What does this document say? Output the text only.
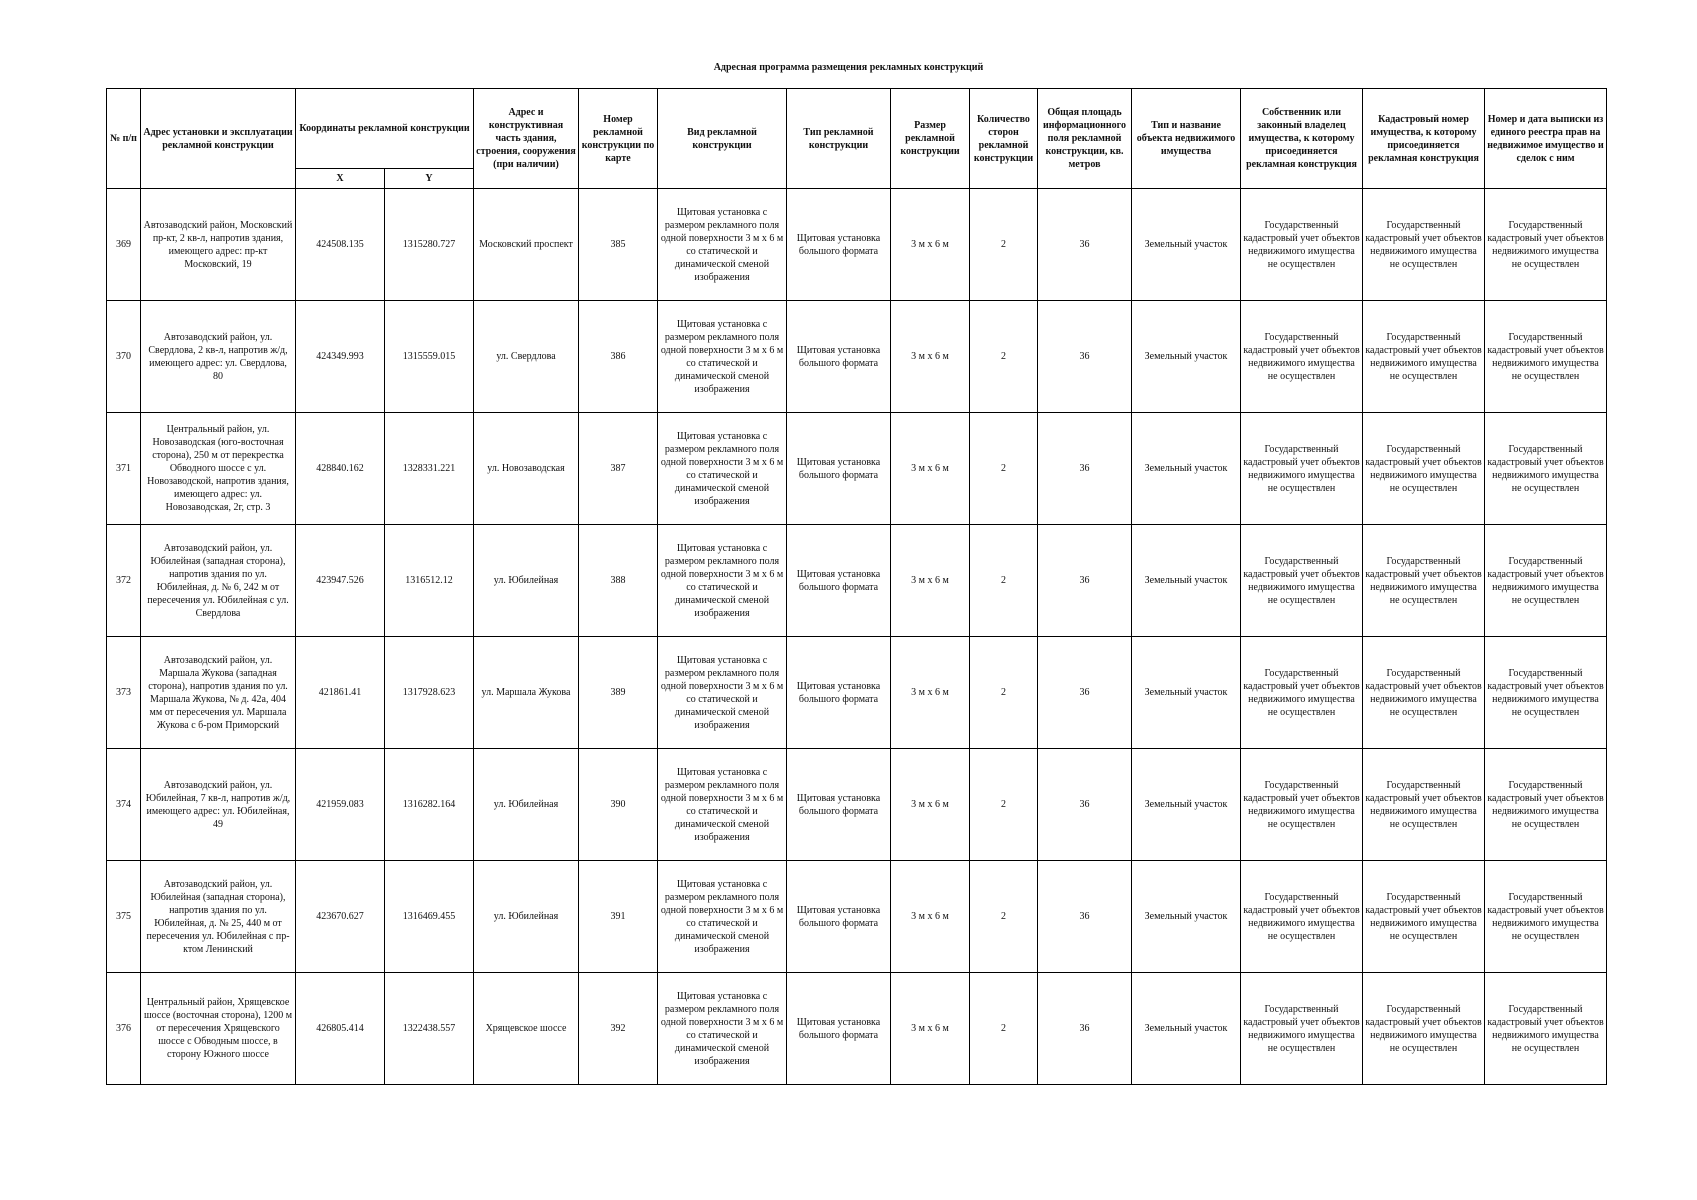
Адресная программа размещения рекламных конструкций
№ п/п	Адрес установки и эксплуатации рекламной конструкции	Координаты рекламной конструкции		Адрес и конструктивная часть здания, строения, сооружения (при наличии)	Номер рекламной конструкции по карте	Вид рекламной конструкции	Тип рекламной конструкции	Размер рекламной конструкции	Количество сторон рекламной конструкции	Общая площадь информационного поля рекламной конструкции, кв. метров	Тип и название объекта недвижимого имущества	Собственник или законный владелец имущества, к которому присоединяется рекламная конструкция	Кадастровый номер имущества, к которому присоединяется рекламная конструкция	Номер и дата выписки из единого реестра прав на недвижимое имущество и сделок с ним
		X	Y											
369	Автозаводский район, Московский пр-кт, 2 кв-л, напротив здания, имеющего адрес: пр-кт Московский, 19	424508.135	1315280.727	Московский проспект	385	Щитовая установка с размером рекламного поля одной поверхности 3 м х 6 м со статической и динамической сменой изображения	Щитовая установка большого формата	3 м х 6 м	2	36	Земельный участок	Государственный кадастровый учет объектов недвижимого имущества не осуществлен	Государственный кадастровый учет объектов недвижимого имущества не осуществлен	Государственный кадастровый учет объектов недвижимого имущества не осуществлен
370	Автозаводский район, ул. Свердлова, 2 кв-л, напротив ж/д, имеющего адрес: ул. Свердлова, 80	424349.993	1315559.015	ул. Свердлова	386	Щитовая установка с размером рекламного поля одной поверхности 3 м х 6 м со статической и динамической сменой изображения	Щитовая установка большого формата	3 м х 6 м	2	36	Земельный участок	Государственный кадастровый учет объектов недвижимого имущества не осуществлен	Государственный кадастровый учет объектов недвижимого имущества не осуществлен	Государственный кадастровый учет объектов недвижимого имущества не осуществлен
371	Центральный район, ул. Новозаводская (юго-восточная сторона), 250 м от перекрестка Обводного шоссе с ул. Новозаводской, напротив здания, имеющего адрес: ул. Новозаводская, 2г, стр. 3	428840.162	1328331.221	ул. Новозаводская	387	Щитовая установка с размером рекламного поля одной поверхности 3 м х 6 м со статической и динамической сменой изображения	Щитовая установка большого формата	3 м х 6 м	2	36	Земельный участок	Государственный кадастровый учет объектов недвижимого имущества не осуществлен	Государственный кадастровый учет объектов недвижимого имущества не осуществлен	Государственный кадастровый учет объектов недвижимого имущества не осуществлен
372	Автозаводский район, ул. Юбилейная (западная сторона), напротив здания по ул. Юбилейная, д. № 6, 242 м от пересечения ул. Юбилейная с ул. Свердлова	423947.526	1316512.12	ул. Юбилейная	388	Щитовая установка с размером рекламного поля одной поверхности 3 м х 6 м со статической и динамической сменой изображения	Щитовая установка большого формата	3 м х 6 м	2	36	Земельный участок	Государственный кадастровый учет объектов недвижимого имущества не осуществлен	Государственный кадастровый учет объектов недвижимого имущества не осуществлен	Государственный кадастровый учет объектов недвижимого имущества не осуществлен
373	Автозаводский район, ул. Маршала Жукова (западная сторона), напротив здания по ул. Маршала Жукова, № д. 42а, 404 мм от пересечения ул. Маршала Жукова с б-ром Приморский	421861.41	1317928.623	ул. Маршала Жукова	389	Щитовая установка с размером рекламного поля одной поверхности 3 м х 6 м со статической и динамической сменой изображения	Щитовая установка большого формата	3 м х 6 м	2	36	Земельный участок	Государственный кадастровый учет объектов недвижимого имущества не осуществлен	Государственный кадастровый учет объектов недвижимого имущества не осуществлен	Государственный кадастровый учет объектов недвижимого имущества не осуществлен
374	Автозаводский район, ул. Юбилейная, 7 кв-л, напротив ж/д, имеющего адрес: ул. Юбилейная, 49	421959.083	1316282.164	ул. Юбилейная	390	Щитовая установка с размером рекламного поля одной поверхности 3 м х 6 м со статической и динамической сменой изображения	Щитовая установка большого формата	3 м х 6 м	2	36	Земельный участок	Государственный кадастровый учет объектов недвижимого имущества не осуществлен	Государственный кадастровый учет объектов недвижимого имущества не осуществлен	Государственный кадастровый учет объектов недвижимого имущества не осуществлен
375	Автозаводский район, ул. Юбилейная (западная сторона), напротив здания по ул. Юбилейная, д. № 25, 440 м от пересечения ул. Юбилейная с пр-ктом Ленинский	423670.627	1316469.455	ул. Юбилейная	391	Щитовая установка с размером рекламного поля одной поверхности 3 м х 6 м со статической и динамической сменой изображения	Щитовая установка большого формата	3 м х 6 м	2	36	Земельный участок	Государственный кадастровый учет объектов недвижимого имущества не осуществлен	Государственный кадастровый учет объектов недвижимого имущества не осуществлен	Государственный кадастровый учет объектов недвижимого имущества не осуществлен
376	Центральный район, Хрящевское шоссе (восточная сторона), 1200 м от пересечения Хрящевского шоссе с Обводным шоссе, в сторону Южного шоссе	426805.414	1322438.557	Хрящевское шоссе	392	Щитовая установка с размером рекламного поля одной поверхности 3 м х 6 м со статической и динамической сменой изображения	Щитовая установка большого формата	3 м х 6 м	2	36	Земельный участок	Государственный кадастровый учет объектов недвижимого имущества не осуществлен	Государственный кадастровый учет объектов недвижимого имущества не осуществлен	Государственный кадастровый учет объектов недвижимого имущества не осуществлен
